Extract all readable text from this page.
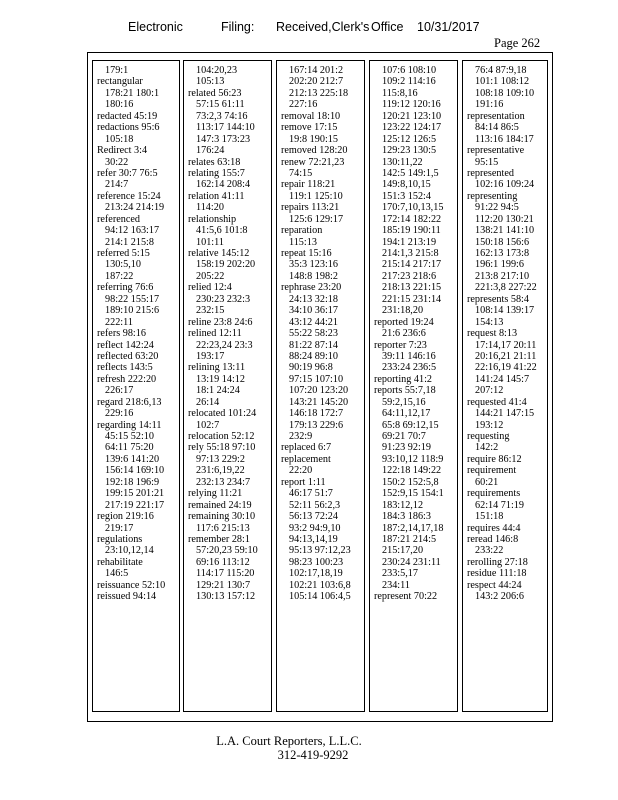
Electronic	Filing: Received,Clerk's Office 10/31/2017
Page 262
179:1
rectangular
178:21 180:1
180:16
redacted 45:19
redactions 95:6
105:18
Redirect 3:4
30:22
refer 30:7 76:5
214:7
reference 15:24
213:24 214:19
referenced
94:12 163:17
214:1 215:8
referred 5:15
130:5,10
187:22
referring 76:6
98:22 155:17
189:10 215:6
222:11
refers 98:16
reflect 142:24
reflected 63:20
reflects 143:5
refresh 222:20
226:17
regard 218:6,13
229:16
regarding 14:11
45:15 52:10
64:11 75:20
139:6 141:20
156:14 169:10
192:18 196:9
199:15 201:21
217:19 221:17
region 219:16
219:17
regulations
23:10,12,14
rehabilitate
146:5
reissuance 52:10
reissued 94:14
104:20,23
105:13
related 56:23
57:15 61:11
73:2,3 74:16
113:17 144:10
147:3 173:23
176:24
relates 63:18
relating 155:7
162:14 208:4
relation 41:11
114:20
relationship
41:5,6 101:8
101:11
relative 145:12
158:19 202:20
205:22
relied 12:4
230:23 232:3
232:15
reline 23:8 24:6
relined 12:11
22:23,24 23:3
193:17
relining 13:11
13:19 14:12
18:1 24:24
26:14
relocated 101:24
102:7
relocation 52:12
rely 55:18 97:10
97:13 229:2
231:6,19,22
232:13 234:7
relying 11:21
remained 24:19
remaining 30:10
117:6 215:13
remember 28:1
57:20,23 59:10
69:16 113:12
114:17 115:20
129:21 130:7
130:13 157:12
167:14 201:2
202:20 212:7
212:13 225:18
227:16
removal 18:10
remove 17:15
19:8 190:15
removed 128:20
renew 72:21,23
74:15
repair 118:21
119:1 125:10
repairs 113:21
125:6 129:17
reparation
115:13
repeat 15:16
35:3 123:16
148:8 198:2
rephrase 23:20
24:13 32:18
34:10 36:17
43:12 44:21
55:22 58:23
81:22 87:14
88:24 89:10
90:19 96:8
97:15 107:10
107:20 123:20
143:21 145:20
146:18 172:7
179:13 229:6
232:9
replaced 6:7
replacement
22:20
report 1:11
46:17 51:7
52:11 56:2,3
56:13 72:24
93:2 94:9,10
94:13,14,19
95:13 97:12,23
98:23 100:23
102:17,18,19
102:21 103:6,8
105:14 106:4,5
107:6 108:10
109:2 114:16
115:8,16
119:12 120:16
120:21 123:10
123:22 124:17
125:12 126:5
129:23 130:5
130:11,22
142:5 149:1,5
149:8,10,15
151:3 152:4
170:7,10,13,15
172:14 182:22
185:19 190:11
194:1 213:19
214:1,3 215:8
215:14 217:17
217:23 218:6
218:13 221:15
221:15 231:14
231:18,20
reported 19:24
21:6 236:6
reporter 7:23
39:11 146:16
233:24 236:5
reporting 41:2
reports 55:7,18
59:2,15,16
64:11,12,17
65:8 69:12,15
69:21 70:7
91:23 92:19
93:10,12 118:9
122:18 149:22
150:2 152:5,8
152:9,15 154:1
183:12,12
184:3 186:3
187:2,14,17,18
187:21 214:5
215:17,20
230:24 231:11
233:5,17
234:11
represent 70:22
76:4 87:9,18
101:1 108:12
108:18 109:10
191:16
representation
84:14 86:5
113:16 184:17
representative
95:15
represented
102:16 109:24
representing
91:22 94:5
112:20 130:21
138:21 141:10
150:18 156:6
162:13 173:8
196:1 199:6
213:8 217:10
221:3,8 227:22
represents 58:4
108:14 139:17
154:13
request 8:13
17:14,17 20:11
20:16,21 21:11
22:16,19 41:22
141:24 145:7
207:12
requested 41:4
144:21 147:15
193:12
requesting
142:2
require 86:12
requirement
60:21
requirements
62:14 71:19
151:18
requires 44:4
reread 146:8
233:22
rerolling 27:18
residue 111:18
respect 44:24
143:2 206:6
L.A. Court Reporters, L.L.C.
312-419-9292
